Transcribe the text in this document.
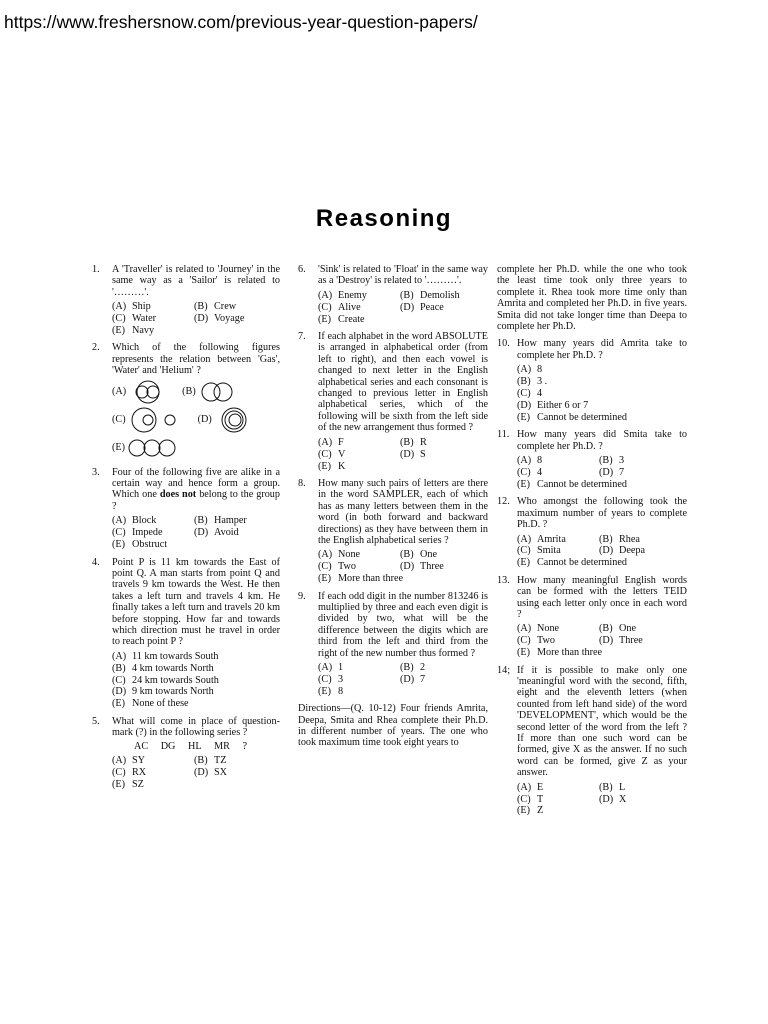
https://www.freshersnow.com/previous-year-question-papers/
Reasoning
1. A 'Traveller' is related to 'Journey' in the same way as a 'Sailor' is related to '………'.
(A) Ship	(B) Crew
(C) Water	(D) Voyage
(E) Navy
2. Which of the following figures represents the relation between 'Gas', 'Water' and 'Helium' ?
(A)	(B)
(C)	(D)
(E)
3. Four of the following five are alike in a certain way and hence form a group. Which one does not belong to the group ?
(A) Block	(B) Hamper
(C) Impede	(D) Avoid
(E) Obstruct
4. Point P is 11 km towards the East of point Q. A man starts from point Q and travels 9 km towards the West. He then takes a left turn and travels 4 km. He finally takes a left turn and travels 20 km before stopping. How far and towards which direction must he travel in order to reach point P ?
(A) 11 km towards South
(B) 4 km towards North
(C) 24 km towards South
(D) 9 km towards North
(E) None of these
5. What will come in place of question-mark (?) in the following series ?
AC DG HL MR ?
(A) SY	(B) TZ
(C) RX	(D) SX
(E) SZ
6. 'Sink' is related to 'Float' in the same way as a 'Destroy' is related to '………'.
(A) Enemy	(B) Demolish
(C) Alive	(D) Peace
(E) Create
7. If each alphabet in the word ABSOLUTE is arranged in alphabetical order (from left to right), and then each vowel is changed to next letter in the English alphabetical series and each consonant is changed to previous letter in English alphabetical series, which of the following will be sixth from the left side of the new arrangement thus formed ?
(A) F	(B) R
(C) V	(D) S
(E) K
8. How many such pairs of letters are there in the word SAMPLER, each of which has as many letters between them in the word (in both forward and backward directions) as they have between them in the English alphabetical series ?
(A) None	(B) One
(C) Two	(D) Three
(E) More than three
9. If each odd digit in the number 813246 is multiplied by three and each even digit is divided by two, what will be the difference between the digits which are third from the left and third from the right of the new number thus formed ?
(A) 1	(B) 2
(C) 3	(D) 7
(E) 8
Directions—(Q. 10-12) Four friends Amrita, Deepa, Smita and Rhea complete their Ph.D. in different number of years. The one who took maximum time took eight years to
complete her Ph.D. while the one who took the least time took only three years to complete it. Rhea took more time only than Amrita and completed her Ph.D. in five years. Smita did not take longer time than Deepa to complete her Ph.D.
10. How many years did Amrita take to complete her Ph.D. ?
(A) 8
(B) 3 .
(C) 4
(D) Either 6 or 7
(E) Cannot be determined
11. How many years did Smita take to complete her Ph.D. ?
(A) 8	(B) 3
(C) 4	(D) 7
(E) Cannot be determined
12. Who amongst the following took the maximum number of years to complete Ph.D. ?
(A) Amrita	(B) Rhea
(C) Smita	(D) Deepa
(E) Cannot be determined
13. How many meaningful English words can be formed with the letters TEID using each letter only once in each word ?
(A) None	(B) One
(C) Two	(D) Three
(E) More than three
14; If it is possible to make only one 'meaningful word with the second, fifth, eight and the eleventh letters (when counted from left hand side) of the word 'DEVELOPMENT', which would be the second letter of the word from the left ? If more than one such word can be formed, give X as the answer. If no such word can be formed, give Z as your answer.
(A) E	(B) L
(C) T	(D) X
(E) Z
